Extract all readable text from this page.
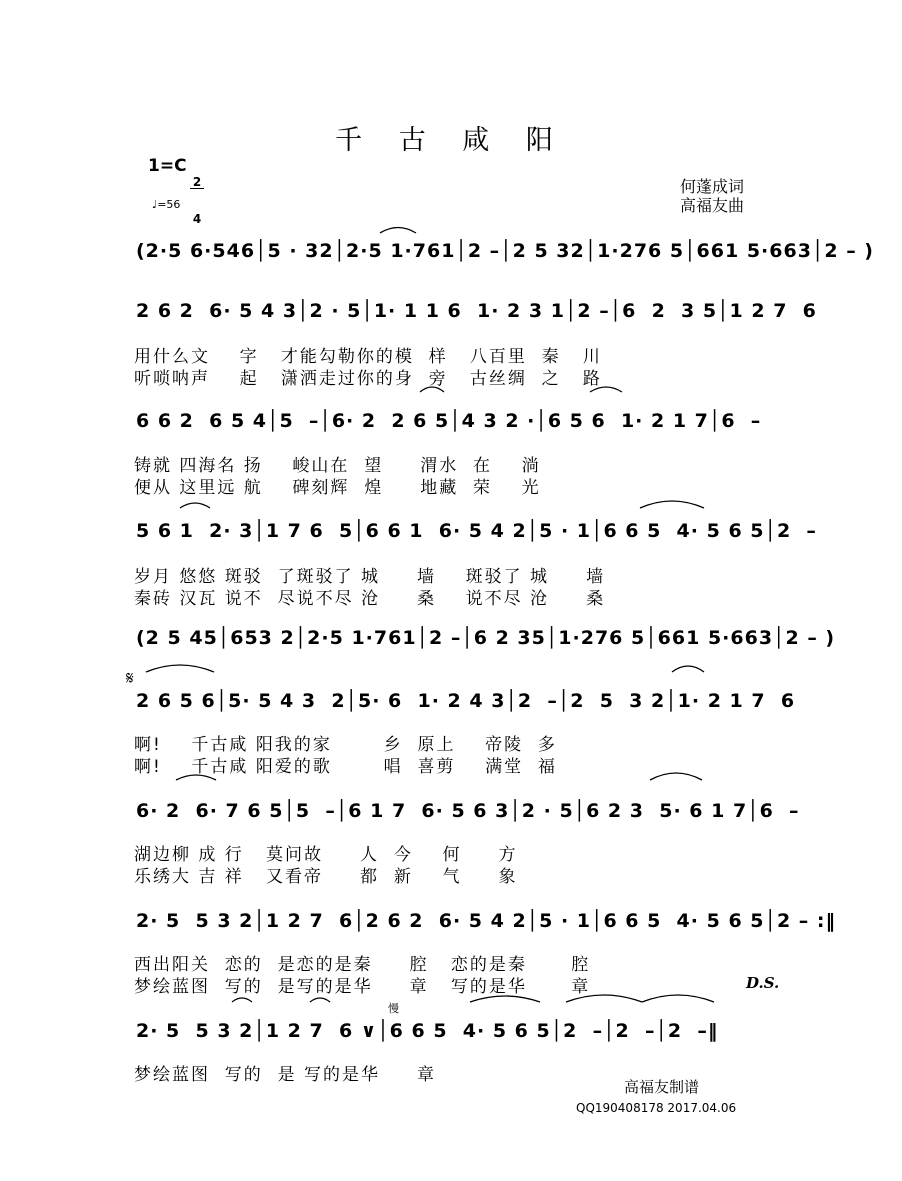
千 古 咸 阳
1=C

$\frac{2}{4}$

♩=56
何蓬成词
高福友曲
(2·5 6·546│5 · 32│2·5 1·761│2 –│2 5 32│1·276 5│661 5·663│2 – )
2 6 2  6· 5 4 3│2 · 5│1· 1 1 6  1· 2 3 1│2 –│6  2  3 5│1 2 7  6
用什么文    字   才能勾勒你的模  样   八百里  秦   川
听唢呐声    起   潇洒走过你的身  旁   古丝绸  之   路
6 6 2  6 5 4│5  –│6· 2  2 6 5│4 3 2 ·│6 5 6  1· 2 1 7│6  –
铸就 四海名 扬    峻山在  望     渭水  在    淌
便从 这里远 航    碑刻辉  煌     地藏  荣    光
5 6 1  2· 3│1 7 6  5│6 6 1  6· 5 4 2│5 · 1│6 6 5  4· 5 6 5│2  –
岁月 悠悠 斑驳  了斑驳了 城     墙    斑驳了 城     墙
秦砖 汉瓦 说不  尽说不尽 沧     桑    说不尽 沧     桑
(2 5 45│653 2│2·5 1·761│2 –│6 2 35│1·276 5│661 5·663│2 – )
𝄋
2 6 5 6│5· 5 4 3  2│5· 6  1· 2 4 3│2  –│2  5  3 2│1· 2 1 7  6
啊!    千古咸 阳我的家       乡  原上    帝陵  多
啊!    千古咸 阳爱的歌       唱  喜剪    满堂  福
6· 2  6· 7 6 5│5  –│6 1 7  6· 5 6 3│2 · 5│6 2 3  5· 6 1 7│6  –
湖边柳 成 行   莫问故     人  今    何     方
乐绣大 吉 祥   又看帝     都  新    气     象
2· 5  5 3 2│1 2 7  6│2 6 2  6· 5 4 2│5 · 1│6 6 5  4· 5 6 5│2 – :‖
西出阳关  恋的  是恋的是秦     腔   恋的是秦      腔
梦绘蓝图  写的  是写的是华     章   写的是华      章	D.S.
慢
2· 5  5 3 2│1 2 7  6 ∨│6 6 5  4· 5 6 5│2  –│2  –│2  –‖
梦绘蓝图  写的  是 写的是华     章
高福友制谱
QQ190408178 2017.04.06
